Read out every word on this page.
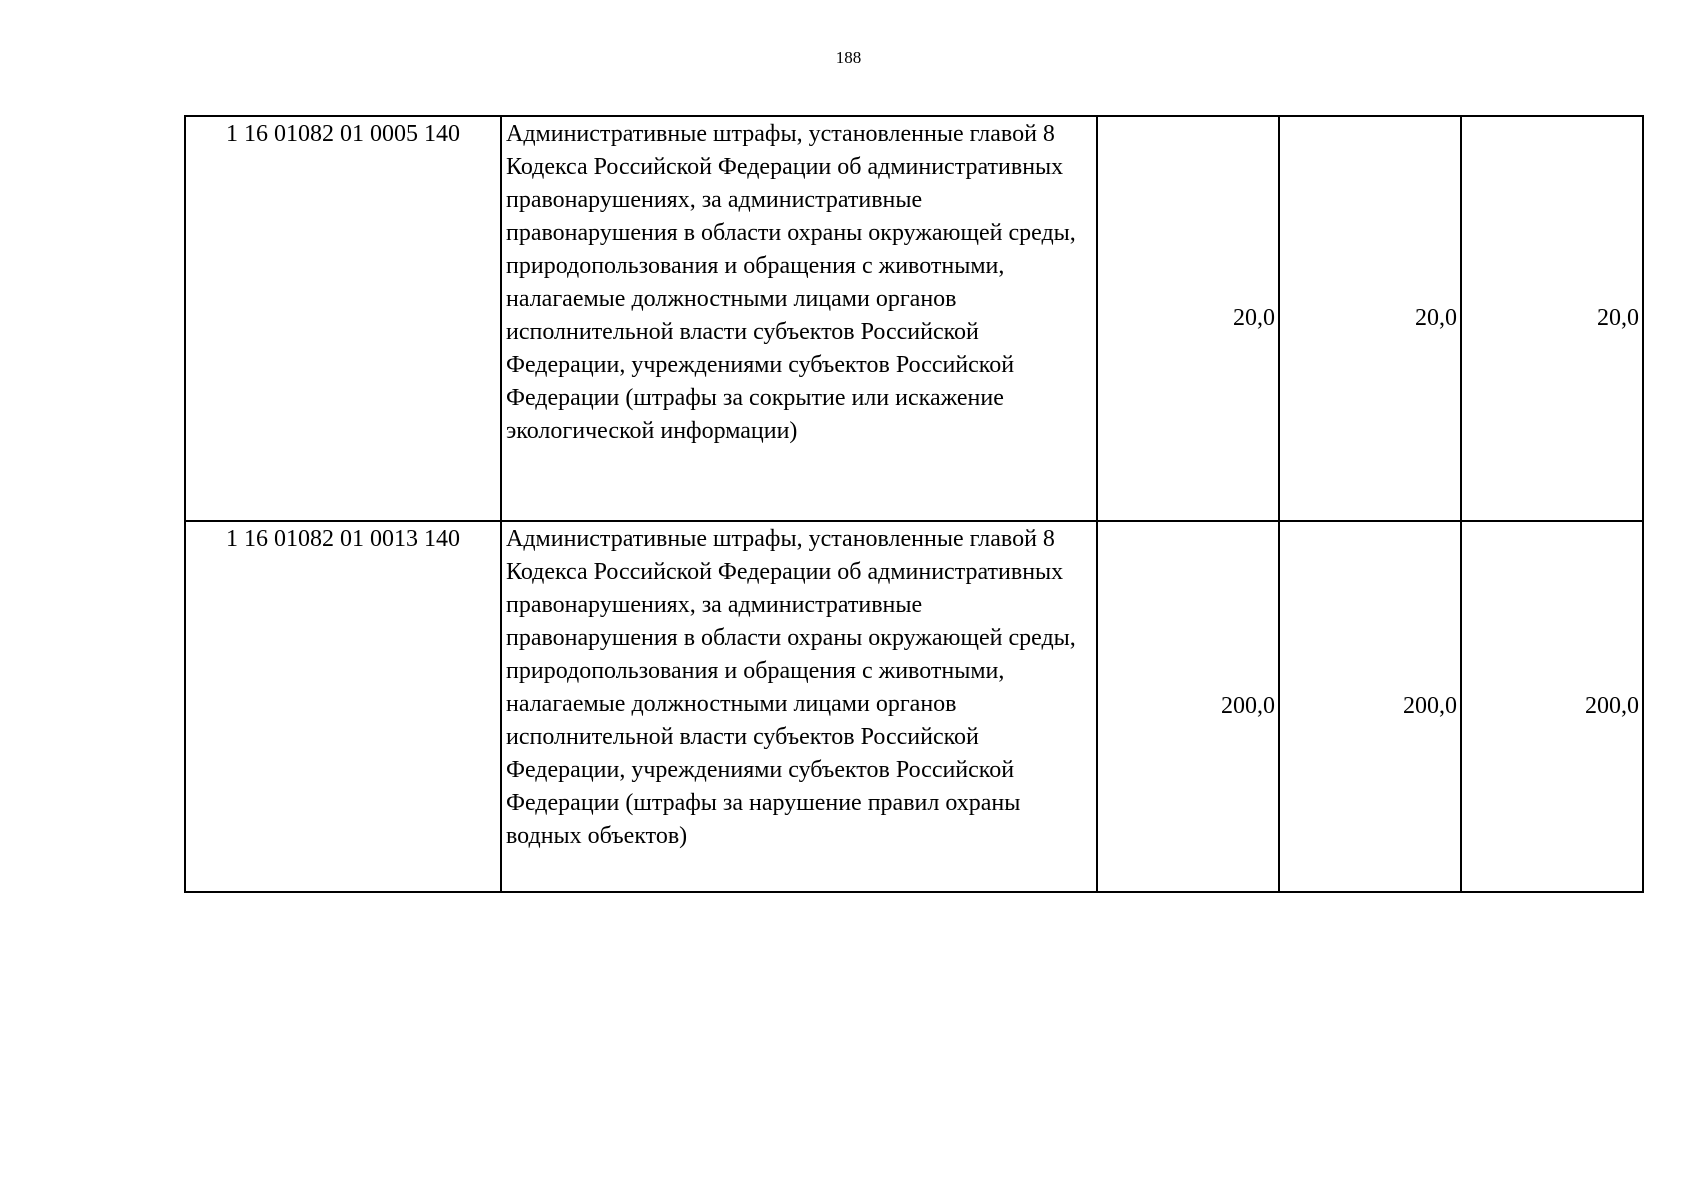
188
1 16 01082 01 0005 140	Административные штрафы, установленные главой 8 Кодекса Российской Федерации об административных правонарушениях, за административные правонарушения в области охраны окружающей среды, природопользования и обращения с животными, налагаемые должностными лицами органов исполнительной власти субъектов Российской Федерации, учреждениями субъектов Российской Федерации (штрафы за сокрытие или искажение экологической информации)	20,0	20,0	20,0
1 16 01082 01 0013 140	Административные штрафы, установленные главой 8 Кодекса Российской Федерации об административных правонарушениях, за административные правонарушения в области охраны окружающей среды, природопользования и обращения с животными, налагаемые должностными лицами органов исполнительной власти субъектов Российской Федерации, учреждениями субъектов Российской Федерации (штрафы за нарушение правил охраны водных объектов)	200,0	200,0	200,0
